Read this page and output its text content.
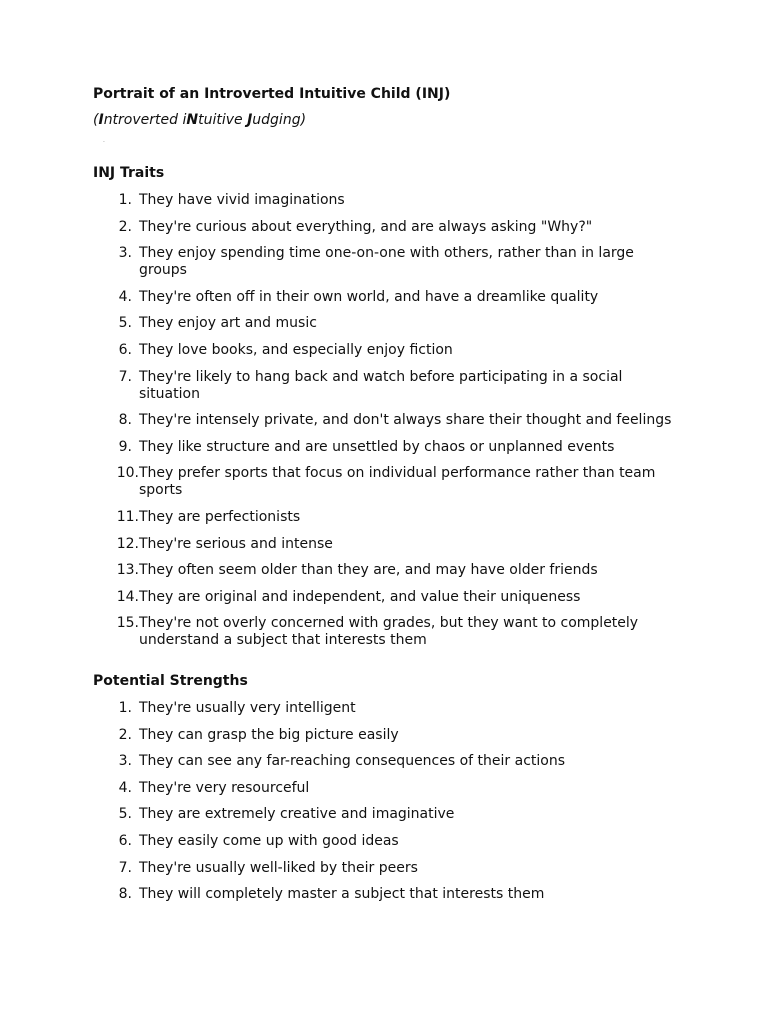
Portrait of an Introverted Intuitive Child (INJ)
(Introverted iNtuitive Judging)
·
INJ Traits
1. They have vivid imaginations
2. They're curious about everything, and are always asking "Why?"
3. They enjoy spending time one-on-one with others, rather than in large groups
4. They're often off in their own world, and have a dreamlike quality
5. They enjoy art and music
6. They love books, and especially enjoy fiction
7. They're likely to hang back and watch before participating in a social situation
8. They're intensely private, and don't always share their thought and feelings
9. They like structure and are unsettled by chaos or unplanned events
10. They prefer sports that focus on individual performance rather than team sports
11. They are perfectionists
12. They're serious and intense
13. They often seem older than they are, and may have older friends
14. They are original and independent, and value their uniqueness
15. They're not overly concerned with grades, but they want to completely understand a subject that interests them
Potential Strengths
1. They're usually very intelligent
2. They can grasp the big picture easily
3. They can see any far-reaching consequences of their actions
4. They're very resourceful
5. They are extremely creative and imaginative
6. They easily come up with good ideas
7. They're usually well-liked by their peers
8. They will completely master a subject that interests them
